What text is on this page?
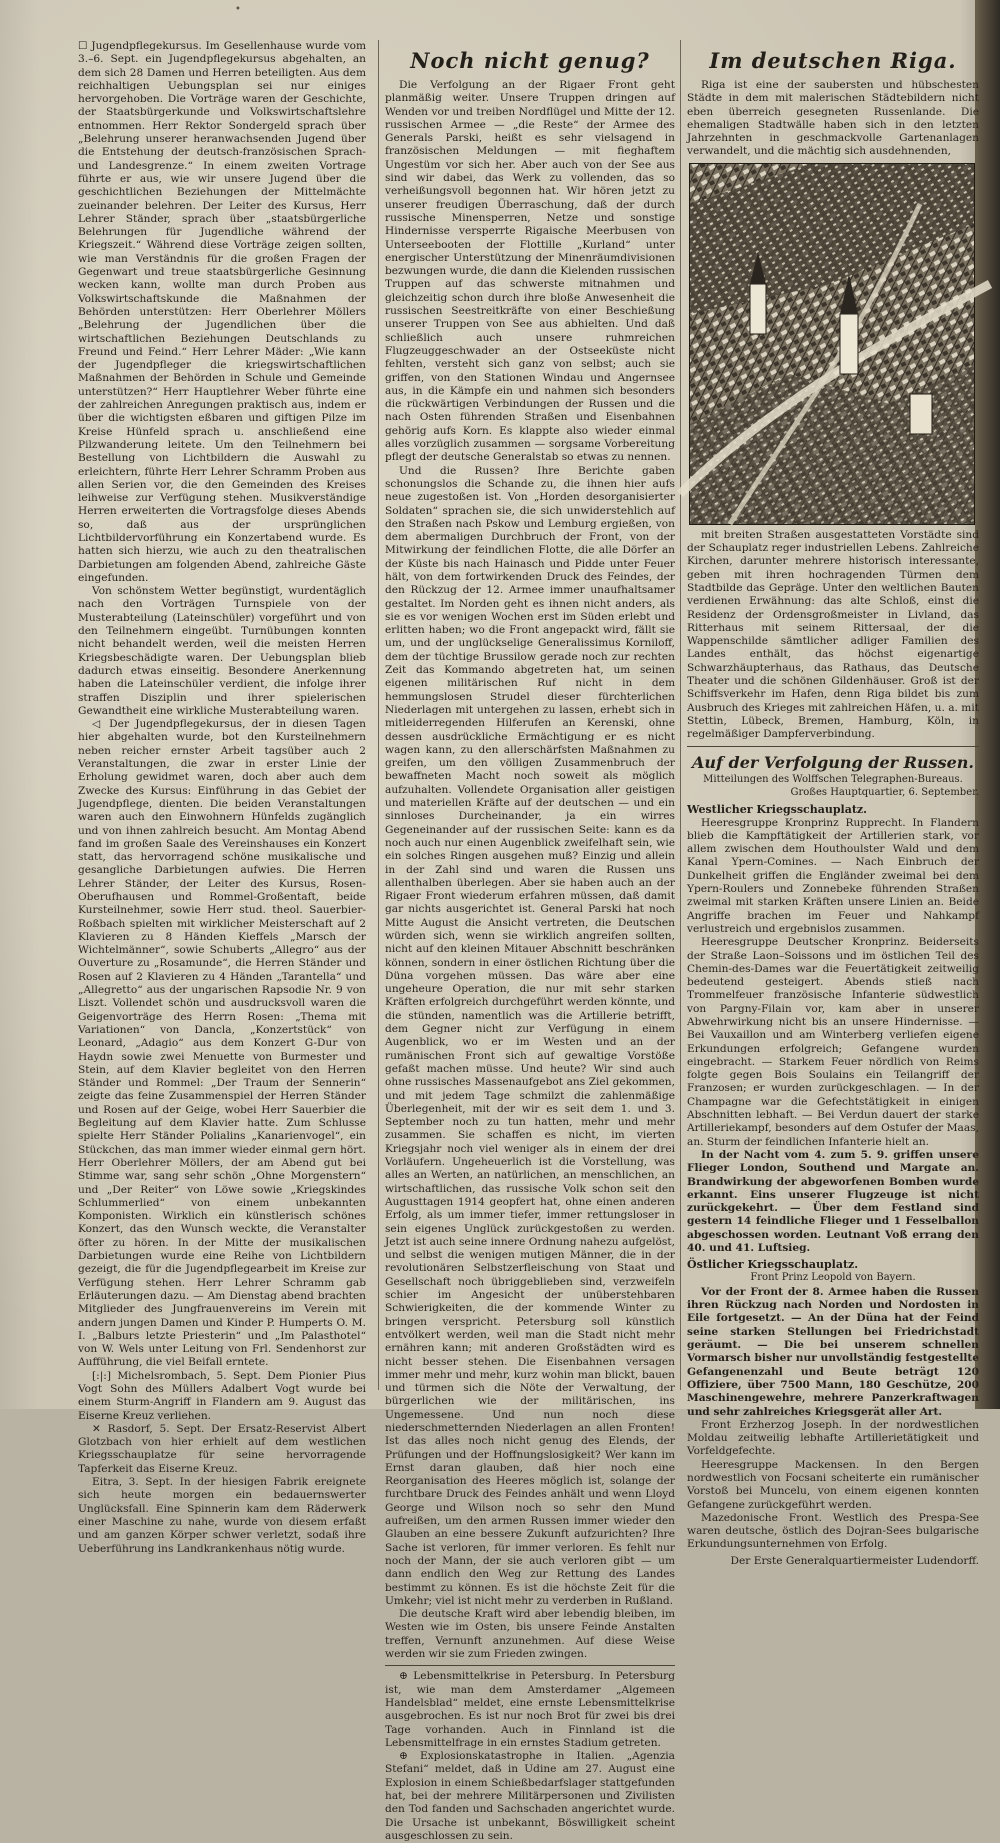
•

☐ Jugendpflegekursus. Im Gesellenhause wurde vom 3.–6. Sept. ein Jugendpflegekursus abgehalten, an dem sich 28 Damen und Herren beteiligten. Aus dem reichhaltigen Uebungsplan sei nur einiges hervorgehoben. Die Vorträge waren der Geschichte, der Staatsbürgerkunde und Volkswirtschaftslehre entnommen. Herr Rektor Sondergeld sprach über „Belehrung unserer heranwachsenden Jugend über die Entstehung der deutsch-französischen Sprach- und Landesgrenze.“ In einem zweiten Vortrage führte er aus, wie wir unsere Jugend über die geschichtlichen Beziehungen der Mittelmächte zueinander belehren. Der Leiter des Kursus, Herr Lehrer Ständer, sprach über „staatsbürgerliche Belehrungen für Jugendliche während der Kriegszeit.“ Während diese Vorträge zeigen sollten, wie man Verständnis für die großen Fragen der Gegenwart und treue staatsbürgerliche Gesinnung wecken kann, wollte man durch Proben aus Volkswirtschaftskunde die Maßnahmen der Behörden unterstützen: Herr Oberlehrer Möllers „Belehrung der Jugendlichen über die wirtschaftlichen Beziehungen Deutschlands zu Freund und Feind.“ Herr Lehrer Mäder: „Wie kann der Jugendpfleger die kriegswirtschaftlichen Maßnahmen der Behörden in Schule und Gemeinde unterstützen?“ Herr Hauptlehrer Weber führte eine der zahlreichen Anregungen praktisch aus, indem er über die wichtigsten eßbaren und giftigen Pilze im Kreise Hünfeld sprach u. anschließend eine Pilzwanderung leitete. Um den Teilnehmern bei Bestellung von Lichtbildern die Auswahl zu erleichtern, führte Herr Lehrer Schramm Proben aus allen Serien vor, die den Gemeinden des Kreises leihweise zur Verfügung stehen. Musikverständige Herren erweiterten die Vortragsfolge dieses Abends so, daß aus der ursprünglichen Lichtbildervorführung ein Konzertabend wurde. Es hatten sich hierzu, wie auch zu den theatralischen Darbietungen am folgenden Abend, zahlreiche Gäste eingefunden.

Von schönstem Wetter begünstigt, wurdentäglich nach den Vorträgen Turnspiele von der Musterabteilung (Lateinschüler) vorgeführt und von den Teilnehmern eingeübt. Turnübungen konnten nicht behandelt werden, weil die meisten Herren Kriegsbeschädigte waren. Der Uebungsplan blieb dadurch etwas einseitig. Besondere Anerkennung haben die Lateinschüler verdient, die infolge ihrer straffen Disziplin und ihrer spielerischen Gewandtheit eine wirkliche Musterabteilung waren.

◁ Der Jugendpflegekursus, der in diesen Tagen hier abgehalten wurde, bot den Kursteilnehmern neben reicher ernster Arbeit tagsüber auch 2 Veranstaltungen, die zwar in erster Linie der Erholung gewidmet waren, doch aber auch dem Zwecke des Kursus: Einführung in das Gebiet der Jugendpflege, dienten. Die beiden Veranstaltungen waren auch den Einwohnern Hünfelds zugänglich und von ihnen zahlreich besucht. Am Montag Abend fand im großen Saale des Vereinshauses ein Konzert statt, das hervorragend schöne musikalische und gesangliche Darbietungen aufwies. Die Herren Lehrer Ständer, der Leiter des Kursus, Rosen-Oberufhausen und Rommel-Großentaft, beide Kursteilnehmer, sowie Herr stud. theol. Sauerbier-Roßbach spielten mit wirklicher Meisterschaft auf 2 Klavieren zu 8 Händen Kieffels „Marsch der Wichtelmänner“, sowie Schuberts „Allegro“ aus der Ouverture zu „Rosamunde“, die Herren Ständer und Rosen auf 2 Klavieren zu 4 Händen „Tarantella“ und „Allegretto“ aus der ungarischen Rapsodie Nr. 9 von Liszt. Vollendet schön und ausdrucksvoll waren die Geigenvorträge des Herrn Rosen: „Thema mit Variationen“ von Dancla, „Konzertstück“ von Leonard, „Adagio“ aus dem Konzert G-Dur von Haydn sowie zwei Menuette von Burmester und Stein, auf dem Klavier begleitet von den Herren Ständer und Rommel: „Der Traum der Sennerin“ zeigte das feine Zusammenspiel der Herren Ständer und Rosen auf der Geige, wobei Herr Sauerbier die Begleitung auf dem Klavier hatte. Zum Schlusse spielte Herr Ständer Polialins „Kanarienvogel“, ein Stückchen, das man immer wieder einmal gern hört. Herr Oberlehrer Möllers, der am Abend gut bei Stimme war, sang sehr schön „Ohne Morgenstern“ und „Der Reiter“ von Löwe sowie „Kriegskindes Schlummerlied“ von einem unbekannten Komponisten. Wirklich ein künstlerisch schönes Konzert, das den Wunsch weckte, die Veranstalter öfter zu hören. In der Mitte der musikalischen Darbietungen wurde eine Reihe von Lichtbildern gezeigt, die für die Jugendpflegearbeit im Kreise zur Verfügung stehen. Herr Lehrer Schramm gab Erläuterungen dazu. — Am Dienstag abend brachten Mitglieder des Jungfrauenvereins im Verein mit andern jungen Damen und Kinder P. Humperts O. M. I. „Balburs letzte Priesterin“ und „Im Palasthotel“ von W. Wels unter Leitung von Frl. Sendenhorst zur Aufführung, die viel Beifall erntete.

[:|:] Michelsrombach, 5. Sept. Dem Pionier Pius Vogt Sohn des Müllers Adalbert Vogt wurde bei einem Sturm-Angriff in Flandern am 9. August das Eiserne Kreuz verliehen.

✕ Rasdorf, 5. Sept. Der Ersatz-Reservist Albert Glotzbach von hier erhielt auf dem westlichen Kriegsschauplatze für seine hervorragende Tapferkeit das Eiserne Kreuz.

Eitra, 3. Sept. In der hiesigen Fabrik ereignete sich heute morgen ein bedauernswerter Unglücksfall. Eine Spinnerin kam dem Räderwerk einer Maschine zu nahe, wurde von diesem erfaßt und am ganzen Körper schwer verletzt, sodaß ihre Ueberführung ins Landkrankenhaus nötig wurde.

Noch nicht genug?

Die Verfolgung an der Rigaer Front geht planmäßig weiter. Unsere Truppen dringen auf Wenden vor und treiben Nordflügel und Mitte der 12. russischen Armee — „die Reste“ der Armee des Generals Parski, heißt es sehr vielsagend in französischen Meldungen — mit fieghaftem Ungestüm vor sich her. Aber auch von der See aus sind wir dabei, das Werk zu vollenden, das so verheißungsvoll begonnen hat. Wir hören jetzt zu unserer freudigen Überraschung, daß der durch russische Minensperren, Netze und sonstige Hindernisse versperrte Rigaische Meerbusen von Unterseebooten der Flottille „Kurland“ unter energischer Unterstützung der Minenräumdivisionen bezwungen wurde, die dann die Kielenden russischen Truppen auf das schwerste mitnahmen und gleichzeitig schon durch ihre bloße Anwesenheit die russischen Seestreitkräfte von einer Beschießung unserer Truppen von See aus abhielten. Und daß schließlich auch unsere ruhmreichen Flugzeuggeschwader an der Ostseeküste nicht fehlten, versteht sich ganz von selbst; auch sie griffen, von den Stationen Windau und Angernsee aus, in die Kämpfe ein und nahmen sich besonders die rückwärtigen Verbindungen der Russen und die nach Osten führenden Straßen und Eisenbahnen gehörig aufs Korn. Es klappte also wieder einmal alles vorzüglich zusammen — sorgsame Vorbereitung pflegt der deutsche Generalstab so etwas zu nennen.

Und die Russen? Ihre Berichte gaben schonungslos die Schande zu, die ihnen hier aufs neue zugestoßen ist. Von „Horden desorganisierter Soldaten“ sprachen sie, die sich unwiderstehlich auf den Straßen nach Pskow und Lemburg ergießen, von dem abermaligen Durchbruch der Front, von der Mitwirkung der feindlichen Flotte, die alle Dörfer an der Küste bis nach Hainasch und Pidde unter Feuer hält, von dem fortwirkenden Druck des Feindes, der den Rückzug der 12. Armee immer unaufhaltsamer gestaltet. Im Norden geht es ihnen nicht anders, als sie es vor wenigen Wochen erst im Süden erlebt und erlitten haben; wo die Front angepackt wird, fällt sie um, und der unglückselige Generalissimus Korniloff, dem der tüchtige Brussilow gerade noch zur rechten Zeit das Kommando abgetreten hat, um seinen eigenen militärischen Ruf nicht in dem hemmungslosen Strudel dieser fürchterlichen Niederlagen mit untergehen zu lassen, erhebt sich in mitleiderregenden Hilferufen an Kerenski, ohne dessen ausdrückliche Ermächtigung er es nicht wagen kann, zu den allerschärfsten Maßnahmen zu greifen, um den völligen Zusammenbruch der bewaffneten Macht noch soweit als möglich aufzuhalten. Vollendete Organisation aller geistigen und materiellen Kräfte auf der deutschen — und ein sinnloses Durcheinander, ja ein wirres Gegeneinander auf der russischen Seite: kann es da noch auch nur einen Augenblick zweifelhaft sein, wie ein solches Ringen ausgehen muß? Einzig und allein in der Zahl sind und waren die Russen uns allenthalben überlegen. Aber sie haben auch an der Rigaer Front wiederum erfahren müssen, daß damit gar nichts ausgerichtet ist. General Parski hat noch Mitte August die Ansicht vertreten, die Deutschen würden sich, wenn sie wirklich angreifen sollten, nicht auf den kleinen Mitauer Abschnitt beschränken können, sondern in einer östlichen Richtung über die Düna vorgehen müssen. Das wäre aber eine ungeheure Operation, die nur mit sehr starken Kräften erfolgreich durchgeführt werden könnte, und die stünden, namentlich was die Artillerie betrifft, dem Gegner nicht zur Verfügung in einem Augenblick, wo er im Westen und an der rumänischen Front sich auf gewaltige Vorstöße gefaßt machen müsse. Und heute? Wir sind auch ohne russisches Massenaufgebot ans Ziel gekommen, und mit jedem Tage schmilzt die zahlenmäßige Überlegenheit, mit der wir es seit dem 1. und 3. September noch zu tun hatten, mehr und mehr zusammen. Sie schaffen es nicht, im vierten Kriegsjahr noch viel weniger als in einem der drei Vorläufern. Ungeheuerlich ist die Vorstellung, was alles an Werten, an natürlichen, an menschlichen, an wirtschaftlichen, das russische Volk schon seit den Augusttagen 1914 geopfert hat, ohne einen anderen Erfolg, als um immer tiefer, immer rettungsloser in sein eigenes Unglück zurückgestoßen zu werden. Jetzt ist auch seine innere Ordnung nahezu aufgelöst, und selbst die wenigen mutigen Männer, die in der revolutionären Selbstzerfleischung von Staat und Gesellschaft noch übriggeblieben sind, verzweifeln schier im Angesicht der unüberstehbaren Schwierigkeiten, die der kommende Winter zu bringen verspricht. Petersburg soll künstlich entvölkert werden, weil man die Stadt nicht mehr ernähren kann; mit anderen Großstädten wird es nicht besser stehen. Die Eisenbahnen versagen immer mehr und mehr, kurz wohin man blickt, bauen und türmen sich die Nöte der Verwaltung, der bürgerlichen wie der militärischen, ins Ungemessene. Und nun noch diese niederschmetternden Niederlagen an allen Fronten! Ist das alles noch nicht genug des Elends, der Prüfungen und der Hoffnungslosigkeit? Wer kann im Ernst daran glauben, daß hier noch eine Reorganisation des Heeres möglich ist, solange der furchtbare Druck des Feindes anhält und wenn Lloyd George und Wilson noch so sehr den Mund aufreißen, um den armen Russen immer wieder den Glauben an eine bessere Zukunft aufzurichten? Ihre Sache ist verloren, für immer verloren. Es fehlt nur noch der Mann, der sie auch verloren gibt — um dann endlich den Weg zur Rettung des Landes bestimmt zu können. Es ist die höchste Zeit für die Umkehr; viel ist nicht mehr zu verderben in Rußland.

Die deutsche Kraft wird aber lebendig bleiben, im Westen wie im Osten, bis unsere Feinde Anstalten treffen, Vernunft anzunehmen. Auf diese Weise werden wir sie zum Frieden zwingen.

⊕ Lebensmittelkrise in Petersburg. In Petersburg ist, wie man dem Amsterdamer „Algemeen Handelsblad“ meldet, eine ernste Lebensmittelkrise ausgebrochen. Es ist nur noch Brot für zwei bis drei Tage vorhanden. Auch in Finnland ist die Lebensmittelfrage in ein ernstes Stadium getreten.

⊕ Explosionskatastrophe in Italien. „Agenzia Stefani“ meldet, daß in Udine am 27. August eine Explosion in einem Schießbedarfslager stattgefunden hat, bei der mehrere Militärpersonen und Zivilisten den Tod fanden und Sachschaden angerichtet wurde. Die Ursache ist unbekannt, Böswilligkeit scheint ausgeschlossen zu sein.

Im deutschen Riga.

Riga ist eine der saubersten und hübschesten Städte in dem mit malerischen Städtebildern nicht eben überreich gesegneten Russenlande. Die ehemaligen Stadtwälle haben sich in den letzten Jahrzehnten in geschmackvolle Gartenanlagen verwandelt, und die mächtig sich ausdehnenden,

mit breiten Straßen ausgestatteten Vorstädte sind der Schauplatz reger industriellen Lebens. Zahlreiche Kirchen, darunter mehrere historisch interessante, geben mit ihren hochragenden Türmen dem Stadtbilde das Gepräge. Unter den weltlichen Bauten verdienen Erwähnung: das alte Schloß, einst die Residenz der Ordensgroßmeister in Livland, das Ritterhaus mit seinem Rittersaal, der die Wappenschilde sämtlicher adliger Familien des Landes enthält, das höchst eigenartige Schwarzhäupterhaus, das Rathaus, das Deutsche Theater und die schönen Gildenhäuser. Groß ist der Schiffsverkehr im Hafen, denn Riga bildet bis zum Ausbruch des Krieges mit zahlreichen Häfen, u. a. mit Stettin, Lübeck, Bremen, Hamburg, Köln, in regelmäßiger Dampferverbindung.

Auf der Verfolgung der Russen.
Mitteilungen des Wolffschen Telegraphen-Bureaus.
Großes Hauptquartier, 6. September.
Westlicher Kriegsschauplatz.

Heeresgruppe Kronprinz Rupprecht. In Flandern blieb die Kampftätigkeit der Artillerien stark, vor allem zwischen dem Houthoulster Wald und dem Kanal Ypern-Comines. — Nach Einbruch der Dunkelheit griffen die Engländer zweimal bei dem Ypern-Roulers und Zonnebeke führenden Straßen zweimal mit starken Kräften unsere Linien an. Beide Angriffe brachen im Feuer und Nahkampf verlustreich und ergebnislos zusammen.

Heeresgruppe Deutscher Kronprinz. Beiderseits der Straße Laon–Soissons und im östlichen Teil des Chemin-des-Dames war die Feuertätigkeit zeitweilig bedeutend gesteigert. Abends stieß nach Trommelfeuer französische Infanterie südwestlich von Pargny-Filain vor, kam aber in unserer Abwehrwirkung nicht bis an unsere Hindernisse. — Bei Vauxaillon und am Winterberg verliefen eigene Erkundungen erfolgreich; Gefangene wurden eingebracht. — Starkem Feuer nördlich von Reims folgte gegen Bois Soulains ein Teilangriff der Franzosen; er wurden zurückgeschlagen. — In der Champagne war die Gefechtstätigkeit in einigen Abschnitten lebhaft. — Bei Verdun dauert der starke Artilleriekampf, besonders auf dem Ostufer der Maas, an. Sturm der feindlichen Infanterie hielt an.

In der Nacht vom 4. zum 5. 9. griffen unsere Flieger London, Southend und Margate an. Brandwirkung der abgeworfenen Bomben wurde erkannt. Eins unserer Flugzeuge ist nicht zurückgekehrt. — Über dem Festland sind gestern 14 feindliche Flieger und 1 Fesselballon abgeschossen worden. Leutnant Voß errang den 40. und 41. Luftsieg.

Östlicher Kriegsschauplatz.
Front Prinz Leopold von Bayern.

Vor der Front der 8. Armee haben die Russen ihren Rückzug nach Norden und Nordosten in Eile fortgesetzt. — An der Düna hat der Feind seine starken Stellungen bei Friedrichstadt geräumt. — Die bei unserem schnellen Vormarsch bisher nur unvollständig festgestellte Gefangenenzahl und Beute beträgt 120 Offiziere, über 7500 Mann, 180 Geschütze, 200 Maschinengewehre, mehrere Panzerkraftwagen und sehr zahlreiches Kriegsgerät aller Art.

Front Erzherzog Joseph. In der nordwestlichen Moldau zeitweilig lebhafte Artillerietätigkeit und Vorfeldgefechte.

Heeresgruppe Mackensen. In den Bergen nordwestlich von Focsani scheiterte ein rumänischer Vorstoß bei Muncelu, von einem eigenen konnten Gefangene zurückgeführt werden.

Mazedonische Front. Westlich des Prespa-See waren deutsche, östlich des Dojran-Sees bulgarische Erkundungsunternehmen von Erfolg.

Der Erste Generalquartiermeister Ludendorff.
